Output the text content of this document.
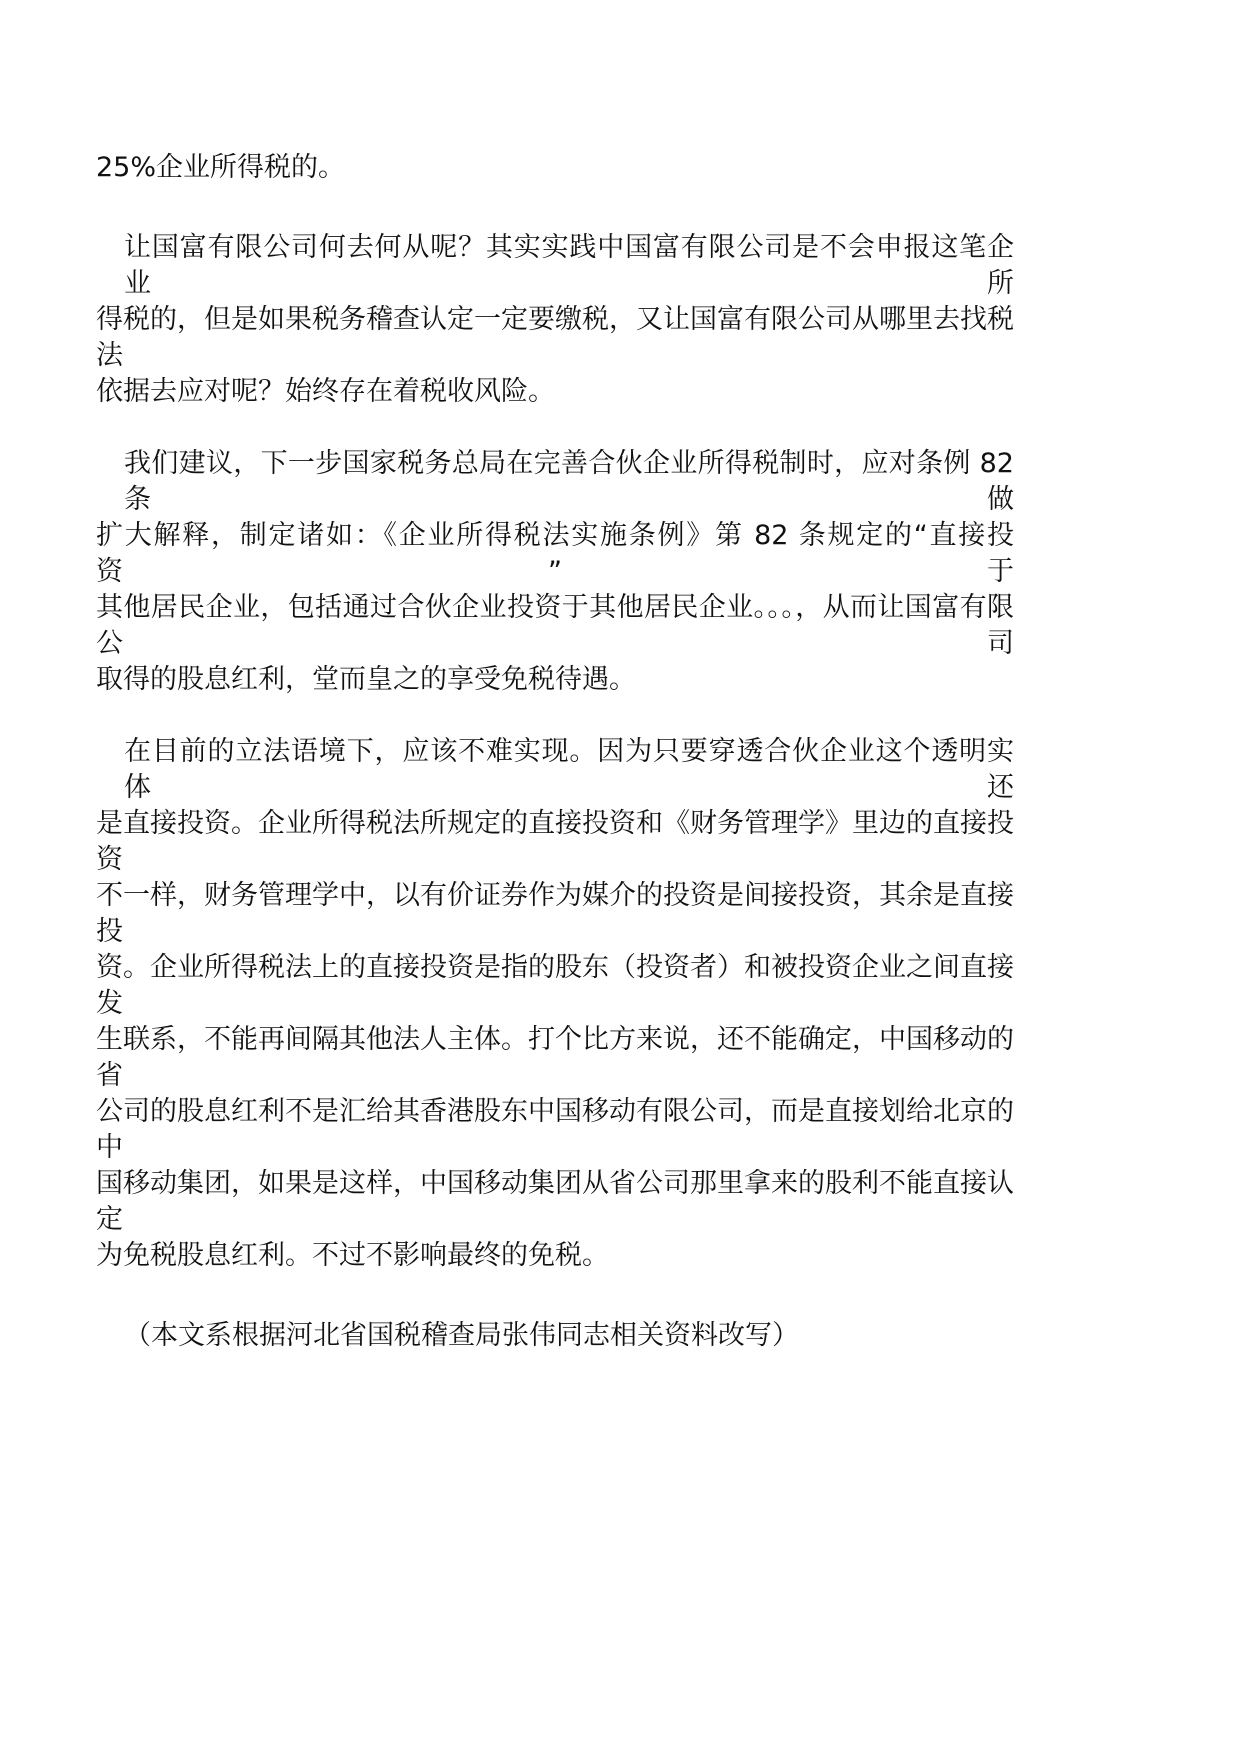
25%企业所得税的。
让国富有限公司何去何从呢？其实实践中国富有限公司是不会申报这笔企业所
得税的，但是如果税务稽查认定一定要缴税，又让国富有限公司从哪里去找税法
依据去应对呢？始终存在着税收风险。
我们建议，下一步国家税务总局在完善合伙企业所得税制时，应对条例 82 条做
扩大解释，制定诸如：《企业所得税法实施条例》第 82 条规定的“直接投资”于
其他居民企业，包括通过合伙企业投资于其他居民企业。。。，从而让国富有限公司
取得的股息红利，堂而皇之的享受免税待遇。
在目前的立法语境下，应该不难实现。因为只要穿透合伙企业这个透明实体还
是直接投资。企业所得税法所规定的直接投资和《财务管理学》里边的直接投资
不一样，财务管理学中，以有价证券作为媒介的投资是间接投资，其余是直接投
资。企业所得税法上的直接投资是指的股东（投资者）和被投资企业之间直接发
生联系，不能再间隔其他法人主体。打个比方来说，还不能确定，中国移动的省
公司的股息红利不是汇给其香港股东中国移动有限公司，而是直接划给北京的中
国移动集团，如果是这样，中国移动集团从省公司那里拿来的股利不能直接认定
为免税股息红利。不过不影响最终的免税。
（本文系根据河北省国税稽查局张伟同志相关资料改写）
